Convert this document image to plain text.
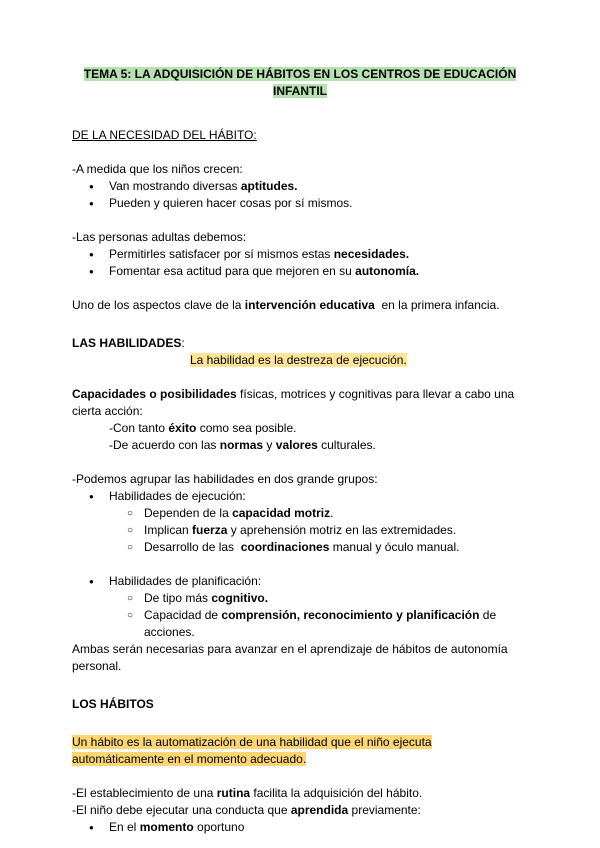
TEMA 5: LA ADQUISICIÓN DE HÁBITOS EN LOS CENTROS DE EDUCACIÓN
INFANTIL

DE LA NECESIDAD DEL HÁBITO:

-A medida que los niños crecen:

● Van mostrando diversas aptitudes.
● Pueden y quieren hacer cosas por sí mismos.

-Las personas adultas debemos:

● Permitirles satisfacer por sí mismos estas necesidades.
● Fomentar esa actitud para que mejoren en su autonomía.

Uno de los aspectos clave de la intervención educativa  en la primera infancia.

LAS HABILIDADES:

La habilidad es la destreza de ejecución.

Capacidades o posibilidades físicas, motrices y cognitivas para llevar a cabo una

cierta acción:

-Con tanto éxito como sea posible.

-De acuerdo con las normas y valores culturales.

-Podemos agrupar las habilidades en dos grande grupos:

● Habilidades de ejecución:
○ Dependen de la capacidad motriz.
○ Implican fuerza y aprehensión motriz en las extremidades.
○ Desarrollo de las  coordinaciones manual y óculo manual.
● Habilidades de planificación:
○ De tipo más cognitivo.
○ Capacidad de comprensión, reconocimiento y planificación de
acciones.

Ambas serán necesarias para avanzar en el aprendizaje de hábitos de autonomía

personal.

LOS HÁBITOS

Un hábito es la automatización de una habilidad que el niño ejecuta

automáticamente en el momento adecuado.

-El establecimiento de una rutina facilita la adquisición del hábito.

-El niño debe ejecutar una conducta que aprendida previamente:

● En el momento oportuno
